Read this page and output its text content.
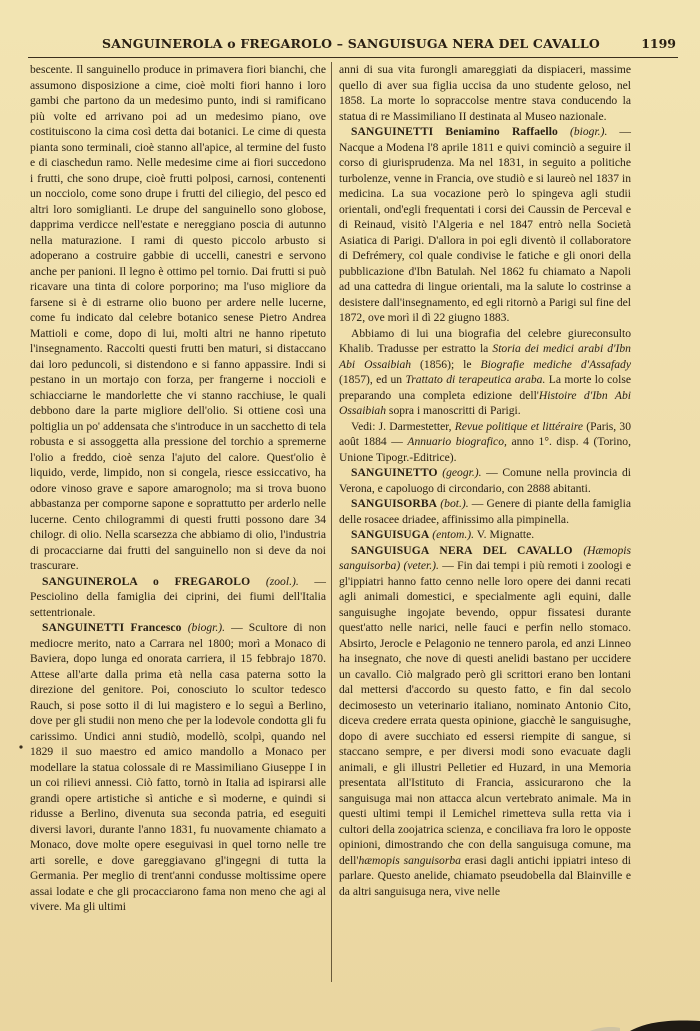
SANGUINEROLA o FREGAROLO – SANGUISUGA NERA DEL CAVALLO	1199

bescente. Il sanguinello produce in primavera fiori bianchi, che assumono disposizione a cime, cioè molti fiori hanno i loro gambi che partono da un medesimo punto, indi si ramificano più volte ed arrivano poi ad un medesimo piano, ove costituiscono la cima così detta dai botanici. Le cime di questa pianta sono terminali, cioè stanno all'apice, al termine del fusto e di ciaschedun ramo. Nelle medesime cime ai fiori succedono i frutti, che sono drupe, cioè frutti polposi, carnosi, contenenti un nocciolo, come sono drupe i frutti del ciliegio, del pesco ed altri loro somiglianti. Le drupe del sanguinello sono globose, dapprima verdicce nell'estate e nereggiano poscia di autunno nella maturazione. I rami di questo piccolo arbusto si adoperano a costruire gabbie di uccelli, canestri e servono anche per panioni. Il legno è ottimo pel tornio. Dai frutti si può ricavare una tinta di colore porporino; ma l'uso migliore da farsene si è di estrarne olio buono per ardere nelle lucerne, come fu indicato dal celebre botanico senese Pietro Andrea Mattioli e come, dopo di lui, molti altri ne hanno ripetuto l'insegnamento. Raccolti questi frutti ben maturi, si distaccano dai loro peduncoli, si distendono e si fanno appassire. Indi si pestano in un mortajo con forza, per frangerne i noccioli e schiacciarne le mandorlette che vi stanno racchiuse, le quali debbono dare la parte migliore dell'olio. Si ottiene così una poltiglia un po' addensata che s'introduce in un sacchetto di tela robusta e si assoggetta alla pressione del torchio a spremerne l'olio a freddo, cioè senza l'ajuto del calore. Quest'olio è liquido, verde, limpido, non si congela, riesce essiccativo, ha odore vinoso grave e sapore amarognolo; ma si trova buono abbastanza per comporne sapone e soprattutto per arderlo nelle lucerne. Cento chilogrammi di questi frutti possono dare 34 chilogr. di olio. Nella scarsezza che abbiamo di olio, l'industria di procacciarne dai frutti del sanguinello non si deve da noi trascurare.

SANGUINEROLA o FREGAROLO (zool.). — Pesciolino della famiglia dei ciprini, dei fiumi dell'Italia settentrionale.

SANGUINETTI Francesco (biogr.). — Scultore di non mediocre merito, nato a Carrara nel 1800; morì a Monaco di Baviera, dopo lunga ed onorata carriera, il 15 febbrajo 1870. Attese all'arte dalla prima età nella casa paterna sotto la direzione del genitore. Poi, conosciuto lo scultor tedesco Rauch, si pose sotto il di lui magistero e lo seguì a Berlino, dove per gli studii non meno che per la lodevole condotta gli fu carissimo. Undici anni studiò, modellò, scolpì, quando nel 1829 il suo maestro ed amico mandollo a Monaco per modellare la statua colossale di re Massimiliano Giuseppe I in un coi rilievi annessi. Ciò fatto, tornò in Italia ad ispirarsi alle grandi opere artistiche sì antiche e sì moderne, e quindi si ridusse a Berlino, divenuta sua seconda patria, ed eseguiti diversi lavori, durante l'anno 1831, fu nuovamente chiamato a Monaco, dove molte opere eseguivasi in quel torno nelle tre arti sorelle, e dove gareggiavano gl'ingegni di tutta la Germania. Per meglio di trent'anni condusse moltissime opere assai lodate e che gli procacciarono fama non meno che agi al vivere. Ma gli ultimi

anni di sua vita furongli amareggiati da dispiaceri, massime quello di aver sua figlia uccisa da uno studente geloso, nel 1858. La morte lo sopraccolse mentre stava conducendo la statua di re Massimiliano II destinata al Museo nazionale.

SANGUINETTI Beniamino Raffaello (biogr.). — Nacque a Modena l'8 aprile 1811 e quivi cominciò a seguire il corso di giurisprudenza. Ma nel 1831, in seguito a politiche turbolenze, venne in Francia, ove studiò e si laureò nel 1837 in medicina. La sua vocazione però lo spingeva agli studii orientali, ond'egli frequentati i corsi dei Caussin de Perceval e di Reinaud, visitò l'Algeria e nel 1847 entrò nella Società Asiatica di Parigi. D'allora in poi egli diventò il collaboratore di Defrémery, col quale condivise le fatiche e gli onori della pubblicazione d'Ibn Batulah. Nel 1862 fu chiamato a Napoli ad una cattedra di lingue orientali, ma la salute lo costrinse a desistere dall'insegnamento, ed egli ritornò a Parigi sul fine del 1872, ove morì il dì 22 giugno 1883.

Abbiamo di lui una biografia del celebre giureconsulto Khalib. Tradusse per estratto la Storia dei medici arabi d'Ibn Abi Ossaibiah (1856); le Biografie mediche d'Assafady (1857), ed un Trattato di terapeutica araba. La morte lo colse preparando una completa edizione dell'Histoire d'Ibn Abi Ossaibiah sopra i manoscritti di Parigi.

Vedi: J. Darmestetter, Revue politique et littéraire (Paris, 30 août 1884 — Annuario biografico, anno 1°. disp. 4 (Torino, Unione Tipogr.-Editrice).

SANGUINETTO (geogr.). — Comune nella provincia di Verona, e capoluogo di circondario, con 2888 abitanti.

SANGUISORBA (bot.). — Genere di piante della famiglia delle rosacee driadee, affinissimo alla pimpinella.

SANGUISUGA (entom.). V. Mignatte.

SANGUISUGA NERA DEL CAVALLO (Hæmopis sanguisorba) (veter.). — Fin dai tempi i più remoti i zoologi e gl'ippiatri hanno fatto cenno nelle loro opere dei danni recati agli animali domestici, e specialmente agli equini, dalle sanguisughe ingojate bevendo, oppur fissatesi durante quest'atto nelle narici, nelle fauci e perfin nello stomaco. Absirto, Jerocle e Pelagonio ne tennero parola, ed anzi Linneo ha insegnato, che nove di questi anelidi bastano per uccidere un cavallo. Ciò malgrado però gli scrittori erano ben lontani dal mettersi d'accordo su questo fatto, e fin dal secolo decimosesto un veterinario italiano, nominato Antonio Cito, diceva credere errata questa opinione, giacchè le sanguisughe, dopo di avere succhiato ed essersi riempite di sangue, si staccano sempre, e per diversi modi sono evacuate dagli animali, e gli illustri Pelletier ed Huzard, in una Memoria presentata all'Istituto di Francia, assicurarono che la sanguisuga mai non attacca alcun vertebrato animale. Ma in questi ultimi tempi il Lemichel rimetteva sulla retta via i cultori della zoojatrica scienza, e conciliava fra loro le opposte opinioni, dimostrando che con della sanguisuga comune, ma dell'hæmopis sanguisorba erasi dagli antichi ippiatri inteso di parlare. Questo anelide, chiamato pseudobella dal Blainville e da altri sanguisuga nera, vive nelle
